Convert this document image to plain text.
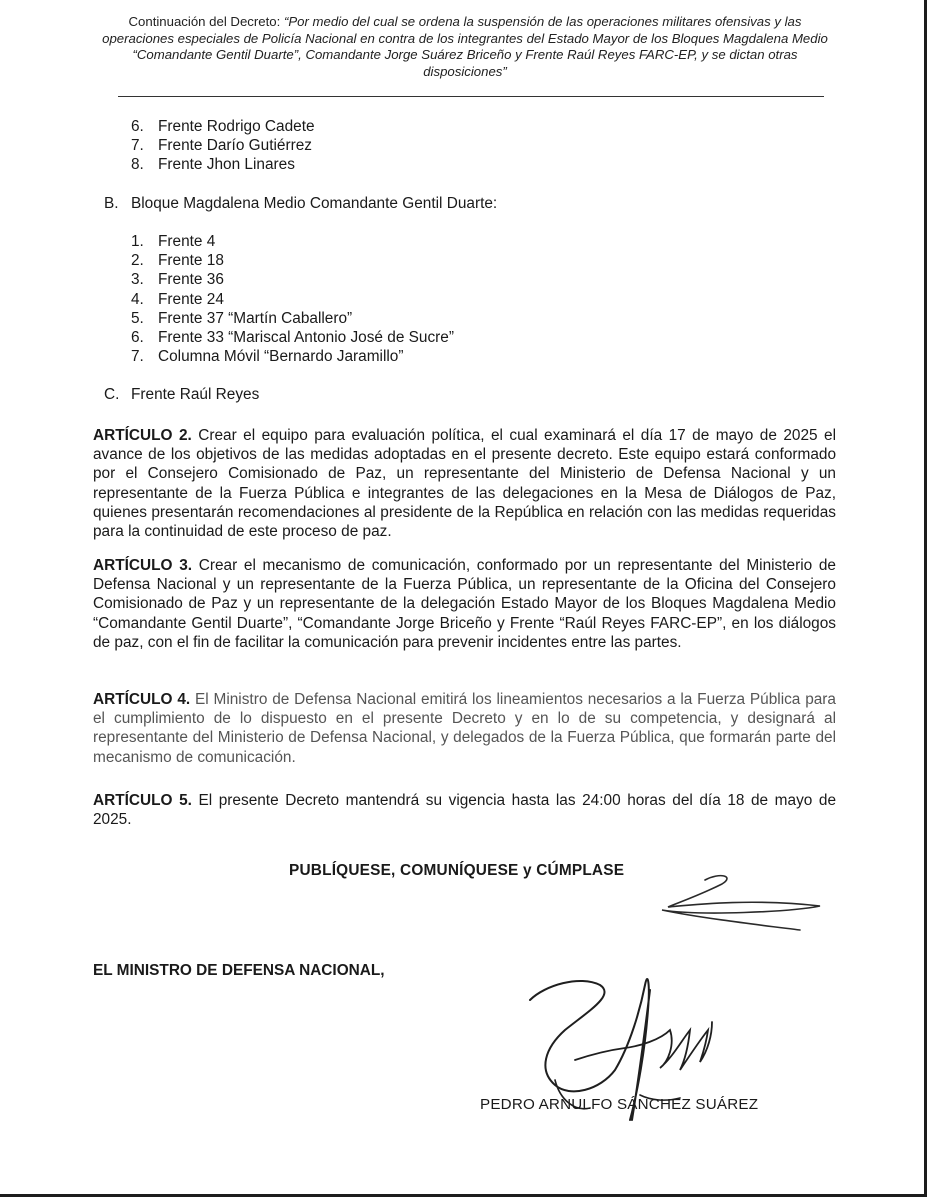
Continuación del Decreto: “Por medio del cual se ordena la suspensión de las operaciones militares ofensivas y las operaciones especiales de Policía Nacional en contra de los integrantes del Estado Mayor de los Bloques Magdalena Medio “Comandante Gentil Duarte”, Comandante Jorge Suárez Briceño y Frente Raúl Reyes FARC-EP, y se dictan otras disposiciones”
6. Frente Rodrigo Cadete
7. Frente Darío Gutiérrez
8. Frente Jhon Linares
B. Bloque Magdalena Medio Comandante Gentil Duarte:
1. Frente 4
2. Frente 18
3. Frente 36
4. Frente 24
5. Frente 37 “Martín Caballero”
6. Frente 33 “Mariscal Antonio José de Sucre”
7. Columna Móvil “Bernardo Jaramillo”
C. Frente Raúl Reyes
ARTÍCULO 2. Crear el equipo para evaluación política, el cual examinará el día 17 de mayo de 2025 el avance de los objetivos de las medidas adoptadas en el presente decreto. Este equipo estará conformado por el Consejero Comisionado de Paz, un representante del Ministerio de Defensa Nacional y un representante de la Fuerza Pública e integrantes de las delegaciones en la Mesa de Diálogos de Paz, quienes presentarán recomendaciones al presidente de la República en relación con las medidas requeridas para la continuidad de este proceso de paz.
ARTÍCULO 3. Crear el mecanismo de comunicación, conformado por un representante del Ministerio de Defensa Nacional y un representante de la Fuerza Pública, un representante de la Oficina del Consejero Comisionado de Paz y un representante de la delegación Estado Mayor de los Bloques Magdalena Medio “Comandante Gentil Duarte”, “Comandante Jorge Briceño y Frente “Raúl Reyes FARC-EP”, en los diálogos de paz, con el fin de facilitar la comunicación para prevenir incidentes entre las partes.
ARTÍCULO 4. El Ministro de Defensa Nacional emitirá los lineamientos necesarios a la Fuerza Pública para el cumplimiento de lo dispuesto en el presente Decreto y en lo de su competencia, y designará al representante del Ministerio de Defensa Nacional, y delegados de la Fuerza Pública, que formarán parte del mecanismo de comunicación.
ARTÍCULO 5. El presente Decreto mantendrá su vigencia hasta las 24:00 horas del día 18 de mayo de 2025.
PUBLÍQUESE, COMUNÍQUESE y CÚMPLASE
EL MINISTRO DE DEFENSA NACIONAL,
PEDRO ARNULFO SÁNCHEZ SUÁREZ
